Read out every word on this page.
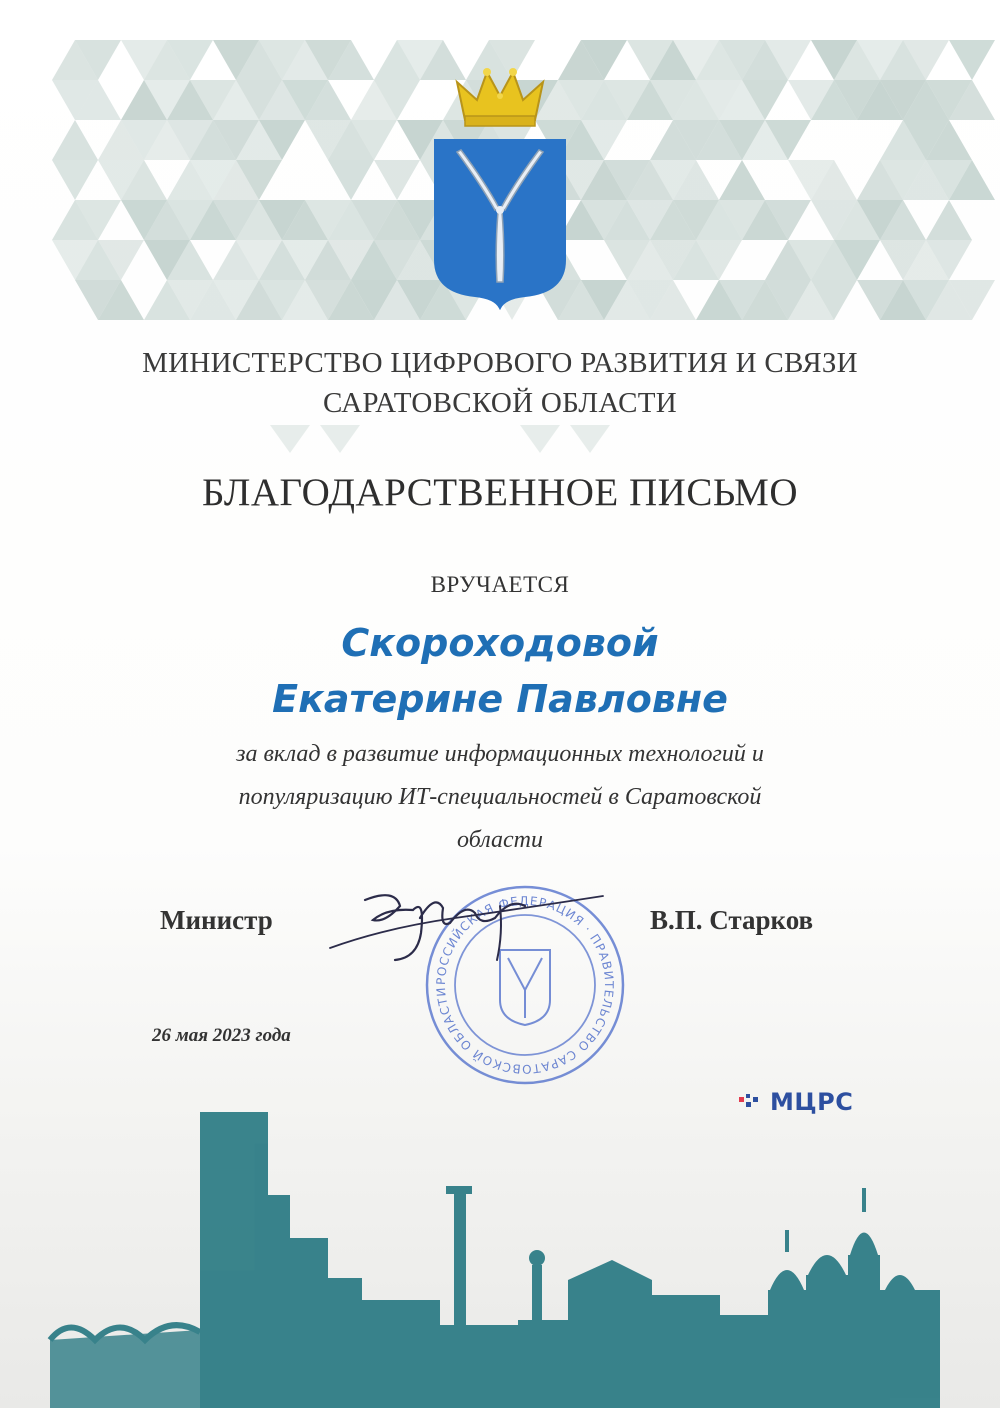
МИНИСТЕРСТВО ЦИФРОВОГО РАЗВИТИЯ И СВЯЗИ
САРАТОВСКОЙ ОБЛАСТИ
БЛАГОДАРСТВЕННОЕ ПИСЬМО
ВРУЧАЕТСЯ
Скороходовой
Екатерине Павловне
за вклад в развитие информационных технологий и
популяризацию ИТ-специальностей в Саратовской
области
Министр	В.П. Старков
РОССИЙСКАЯ ФЕДЕРАЦИЯ · ПРАВИТЕЛЬСТВО САРАТОВСКОЙ ОБЛАСТИ
26 мая 2023 года
МЦРС
